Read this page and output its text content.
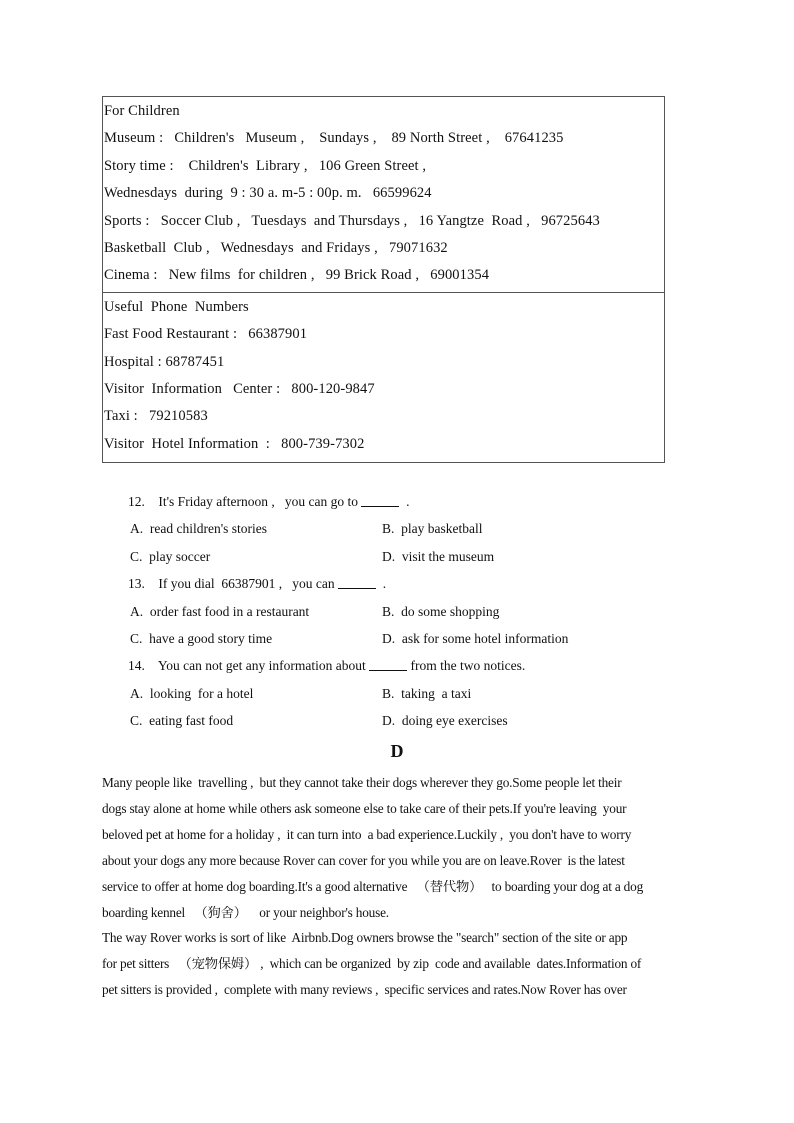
For Children
Museum :   Children's   Museum ,    Sundays ,    89 North Street ,    67641235
Story time :    Children's  Library ,   106 Green Street ,
Wednesdays  during  9 : 30 a. m-5 : 00p. m.   66599624
Sports :   Soccer Club ,   Tuesdays  and Thursdays ,   16 Yangtze  Road ,   96725643
Basketball  Club ,   Wednesdays  and Fridays ,   79071632
Cinema :   New films  for children ,   99 Brick Road ,   69001354
Useful  Phone  Numbers
Fast Food Restaurant :   66387901
Hospital : 68787451
Visitor  Information   Center :   800-120-9847
Taxi :   79210583
Visitor  Hotel Information  :   800-739-7302
12.    It's Friday afternoon ,   you can go to	.
A.  read children's stories	B.  play basketball
C.  play soccer	D.  visit the museum
13.    If you dial  66387901 ,   you can	.
A.  order fast food in a restaurant	B.  do some shopping
C.  have a good story time	D.  ask for some hotel information
14.    You can not get any information about	from the two notices.
A.  looking  for a hotel	B.  taking  a taxi
C.  eating fast food	D.  doing eye exercises
D
Many people like  travelling ,  but they cannot take their dogs wherever they go.Some people let their
dogs stay alone at home while others ask someone else to take care of their pets.If you're leaving  your
beloved pet at home for a holiday ,  it can turn into  a bad experience.Luckily ,  you don't have to worry
about your dogs any more because Rover can cover for you while you are on leave.Rover  is the latest
service to offer at home dog boarding.It's a good alternative   （替代物）   to boarding your dog at a dog
boarding kennel   （狗舍）    or your neighbor's house.
The way Rover works is sort of like  Airbnb.Dog owners browse the "search" section of the site or app
for pet sitters   （宠物保姆） ,  which can be organized  by zip  code and available  dates.Information of
pet sitters is provided ,  complete with many reviews ,  specific services and rates.Now Rover has over
